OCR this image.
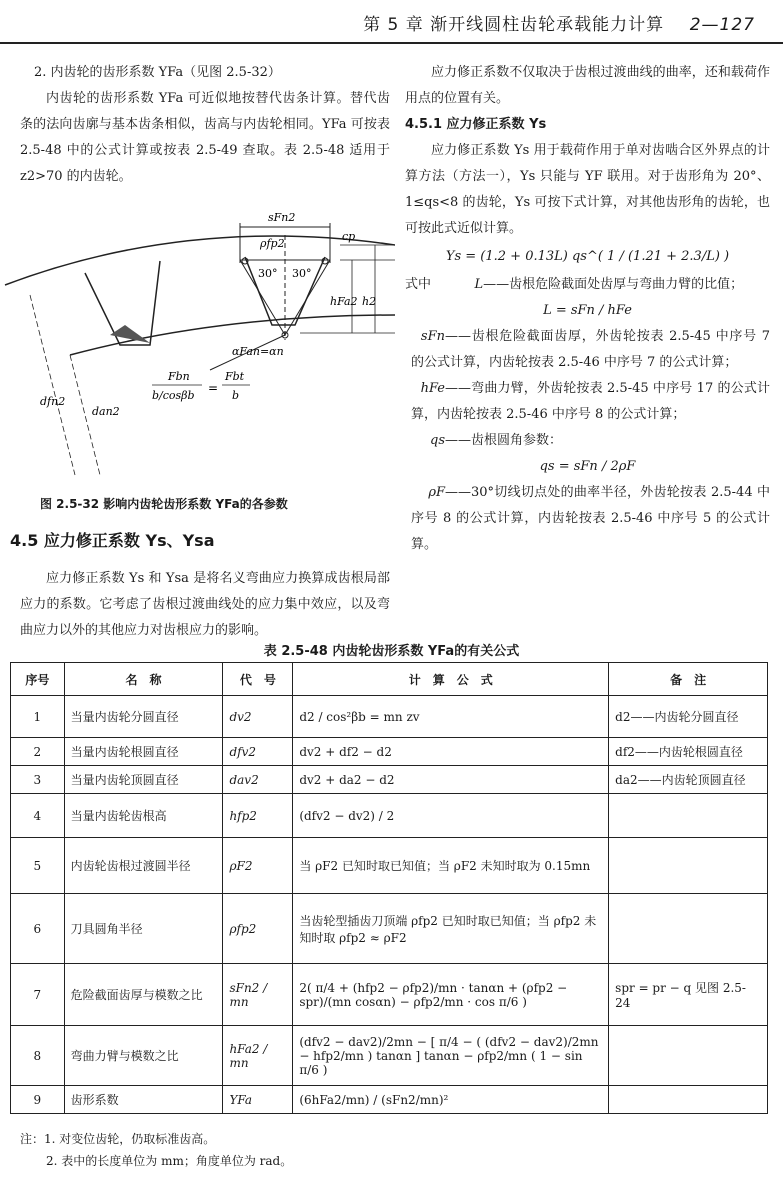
第 5 章 渐开线圆柱齿轮承载能力计算 2—127
2. 内齿轮的齿形系数 YFa（见图 2.5-32）
内齿轮的齿形系数 YFa 可近似地按替代齿条计算。替代齿条的法向齿廓与基本齿条相似，齿高与内齿轮相同。YFa 可按表 2.5-48 中的公式计算或按表 2.5-49 查取。表 2.5-48 适用于 z2>70 的内齿轮。
sFn2
ρfp2
cp
30° 30°
hFa2 h2
dfn2
dan2
αFan=αn
Fbn
b/cosβb
=
Fbt
b
图 2.5-32 影响内齿轮齿形系数 YFa的各参数
4.5 应力修正系数 Ys、Ysa
应力修正系数 Ys 和 Ysa 是将名义弯曲应力换算成齿根局部应力的系数。它考虑了齿根过渡曲线处的应力集中效应，以及弯曲应力以外的其他应力对齿根应力的影响。
应力修正系数不仅取决于齿根过渡曲线的曲率，还和载荷作用点的位置有关。
4.5.1 应力修正系数 Ys
应力修正系数 Ys 用于载荷作用于单对齿啮合区外界点的计算方法（方法一），Ys 只能与 YF 联用。对于齿形角为 20°、1≤qs<8 的齿轮，Ys 可按下式计算，对其他齿形角的齿轮，也可按此式近似计算。
Ys = (1.2 + 0.13L) qs^( 1 / (1.21 + 2.3/L) )
式中	L——齿根危险截面处齿厚与弯曲力臂的比值；
L = sFn / hFe
sFn——齿根危险截面齿厚，外齿轮按表 2.5-45 中序号 7 的公式计算，内齿轮按表 2.5-46 中序号 7 的公式计算；
hFe——弯曲力臂，外齿轮按表 2.5-45 中序号 17 的公式计算，内齿轮按表 2.5-46 中序号 8 的公式计算；
qs——齿根圆角参数：
qs = sFn / 2ρF
ρF——30°切线切点处的曲率半径，外齿轮按表 2.5-44 中序号 8 的公式计算，内齿轮按表 2.5-46 中序号 5 的公式计算。
表 2.5-48 内齿轮齿形系数 YFa的有关公式
序号	名　称	代　号	计　算　公　式	备　注
1	当量内齿轮分圆直径	dv2	d2 / cos²βb = mn zv	d2——内齿轮分圆直径
2	当量内齿轮根圆直径	dfv2	dv2 + df2 − d2	df2——内齿轮根圆直径
3	当量内齿轮顶圆直径	dav2	dv2 + da2 − d2	da2——内齿轮顶圆直径
4	当量内齿轮齿根高	hfp2	(dfv2 − dv2) / 2	
5	内齿轮齿根过渡圆半径	ρF2	当 ρF2 已知时取已知值；当 ρF2 未知时取为 0.15mn	
6	刀具圆角半径	ρfp2	当齿轮型插齿刀顶端 ρfp2 已知时取已知值；当 ρfp2 未知时取 ρfp2 ≈ ρF2	
7	危险截面齿厚与模数之比	sFn2 / mn	2( π/4 + (hfp2 − ρfp2)/mn · tanαn + (ρfp2 − spr)/(mn cosαn) − ρfp2/mn · cos π/6 )	spr = pr − q 见图 2.5-24
8	弯曲力臂与模数之比	hFa2 / mn	(dfv2 − dav2)/2mn − [ π/4 − ( (dfv2 − dav2)/2mn − hfp2/mn ) tanαn ] tanαn − ρfp2/mn ( 1 − sin π/6 )	
9	齿形系数	YFa	(6hFa2/mn) / (sFn2/mn)²	
注：1. 对变位齿轮，仍取标准齿高。
2. 表中的长度单位为 mm；角度单位为 rad。
